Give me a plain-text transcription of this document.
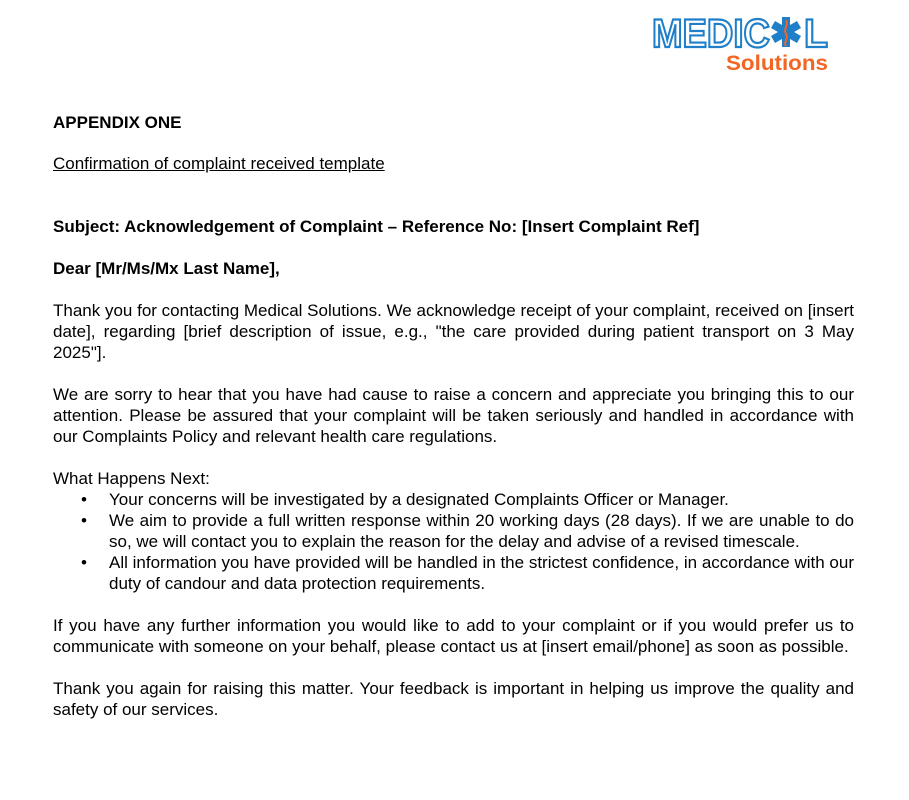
MEDIC L
Solutions
APPENDIX ONE
Confirmation of complaint received template
Subject: Acknowledgement of Complaint – Reference No: [Insert Complaint Ref]
Dear [Mr/Ms/Mx Last Name],
Thank you for contacting Medical Solutions. We acknowledge receipt of your complaint, received on [insert date], regarding [brief description of issue, e.g., "the care provided during patient transport on 3 May 2025"].
We are sorry to hear that you have had cause to raise a concern and appreciate you bringing this to our attention. Please be assured that your complaint will be taken seriously and handled in accordance with our Complaints Policy and relevant health care regulations.
What Happens Next:
• Your concerns will be investigated by a designated Complaints Officer or Manager.
• We aim to provide a full written response within 20 working days (28 days). If we are unable to do so, we will contact you to explain the reason for the delay and advise of a revised timescale.
• All information you have provided will be handled in the strictest confidence, in accordance with our duty of candour and data protection requirements.
If you have any further information you would like to add to your complaint or if you would prefer us to communicate with someone on your behalf, please contact us at [insert email/phone] as soon as possible.
Thank you again for raising this matter. Your feedback is important in helping us improve the quality and safety of our services.
